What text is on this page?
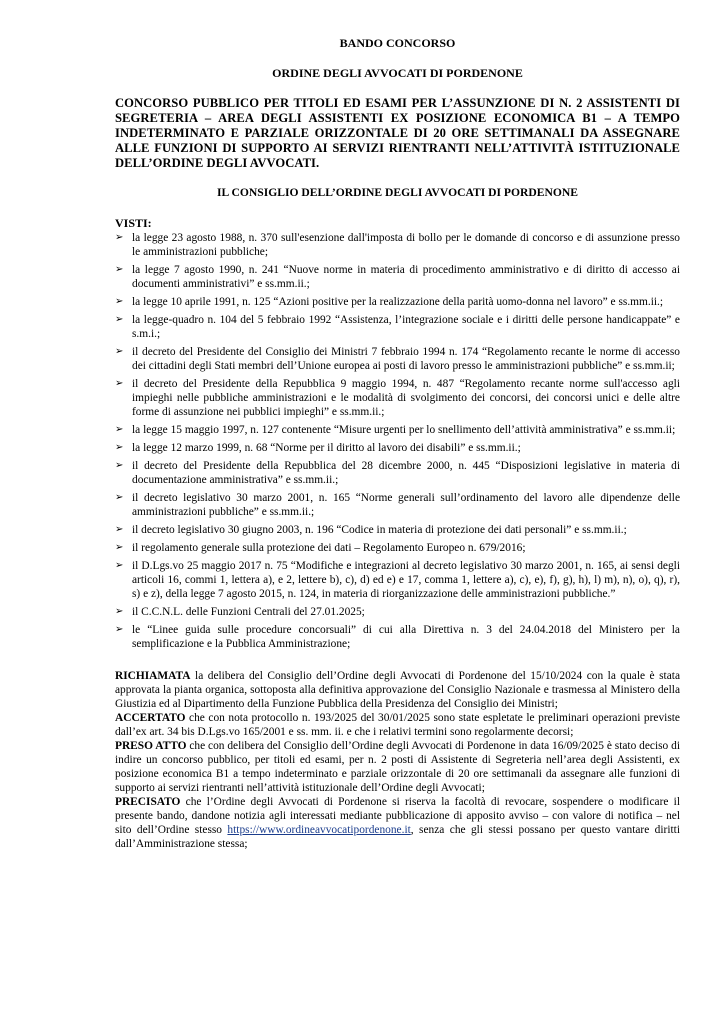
BANDO CONCORSO
ORDINE DEGLI AVVOCATI DI PORDENONE
CONCORSO PUBBLICO PER TITOLI ED ESAMI PER L’ASSUNZIONE DI N. 2 ASSISTENTI DI SEGRETERIA – AREA DEGLI ASSISTENTI EX POSIZIONE ECONOMICA B1 – A TEMPO INDETERMINATO E PARZIALE ORIZZONTALE DI 20 ORE SETTIMANALI DA ASSEGNARE ALLE FUNZIONI DI SUPPORTO AI SERVIZI RIENTRANTI NELL’ATTIVITÀ ISTITUZIONALE DELL’ORDINE DEGLI AVVOCATI.
IL CONSIGLIO DELL’ORDINE DEGLI AVVOCATI DI PORDENONE
VISTI:
➢ la legge 23 agosto 1988, n. 370 sull'esenzione dall'imposta di bollo per le domande di concorso e di assunzione presso le amministrazioni pubbliche;
➢ la legge 7 agosto 1990, n. 241 “Nuove norme in materia di procedimento amministrativo e di diritto di accesso ai documenti amministrativi” e ss.mm.ii.;
➢ la legge 10 aprile 1991, n. 125 “Azioni positive per la realizzazione della parità uomo-donna nel lavoro” e ss.mm.ii.;
➢ la legge-quadro n. 104 del 5 febbraio 1992 “Assistenza, l’integrazione sociale e i diritti delle persone handicappate” e s.m.i.;
➢ il decreto del Presidente del Consiglio dei Ministri 7 febbraio 1994 n. 174 “Regolamento recante le norme di accesso dei cittadini degli Stati membri dell’Unione europea ai posti di lavoro presso le amministrazioni pubbliche” e ss.mm.ii;
➢ il decreto del Presidente della Repubblica 9 maggio 1994, n. 487 “Regolamento recante norme sull'accesso agli impieghi nelle pubbliche amministrazioni e le modalità di svolgimento dei concorsi, dei concorsi unici e delle altre forme di assunzione nei pubblici impieghi” e ss.mm.ii.;
➢ la legge 15 maggio 1997, n. 127 contenente “Misure urgenti per lo snellimento dell’attività amministrativa” e ss.mm.ii;
➢ la legge 12 marzo 1999, n. 68 “Norme per il diritto al lavoro dei disabili” e ss.mm.ii.;
➢ il decreto del Presidente della Repubblica del 28 dicembre 2000, n. 445 “Disposizioni legislative in materia di documentazione amministrativa” e ss.mm.ii.;
➢ il decreto legislativo 30 marzo 2001, n. 165 “Norme generali sull’ordinamento del lavoro alle dipendenze delle amministrazioni pubbliche” e ss.mm.ii.;
➢ il decreto legislativo 30 giugno 2003, n. 196 “Codice in materia di protezione dei dati personali” e ss.mm.ii.;
➢ il regolamento generale sulla protezione dei dati – Regolamento Europeo n. 679/2016;
➢ il D.Lgs.vo 25 maggio 2017 n. 75 “Modifiche e integrazioni al decreto legislativo 30 marzo 2001, n. 165, ai sensi degli articoli 16, commi 1, lettera a), e 2, lettere b), c), d) ed e) e 17, comma 1, lettere a), c), e), f), g), h), l) m), n), o), q), r), s) e z), della legge 7 agosto 2015, n. 124, in materia di riorganizzazione delle amministrazioni pubbliche.”
➢ il C.C.N.L. delle Funzioni Centrali del 27.01.2025;
➢ le “Linee guida sulle procedure concorsuali” di cui alla Direttiva n. 3 del 24.04.2018 del Ministero per la semplificazione e la Pubblica Amministrazione;

RICHIAMATA la delibera del Consiglio dell’Ordine degli Avvocati di Pordenone del 15/10/2024 con la quale è stata approvata la pianta organica, sottoposta alla definitiva approvazione del Consiglio Nazionale e trasmessa al Ministero della Giustizia ed al Dipartimento della Funzione Pubblica della Presidenza del Consiglio dei Ministri;

ACCERTATO che con nota protocollo n. 193/2025 del 30/01/2025 sono state espletate le preliminari operazioni previste dall’ex art. 34 bis D.Lgs.vo 165/2001 e ss. mm. ii. e che i relativi termini sono regolarmente decorsi;

PRESO ATTO che con delibera del Consiglio dell’Ordine degli Avvocati di Pordenone in data 16/09/2025 è stato deciso di indire un concorso pubblico, per titoli ed esami, per n. 2 posti di Assistente di Segreteria nell’area degli Assistenti, ex posizione economica B1 a tempo indeterminato e parziale orizzontale di 20 ore settimanali da assegnare alle funzioni di supporto ai servizi rientranti nell’attività istituzionale dell’Ordine degli Avvocati;

PRECISATO che l’Ordine degli Avvocati di Pordenone si riserva la facoltà di revocare, sospendere o modificare il presente bando, dandone notizia agli interessati mediante pubblicazione di apposito avviso – con valore di notifica – nel sito dell’Ordine stesso https://www.ordineavvocatipordenone.it, senza che gli stessi possano per questo vantare diritti dall’Amministrazione stessa;
